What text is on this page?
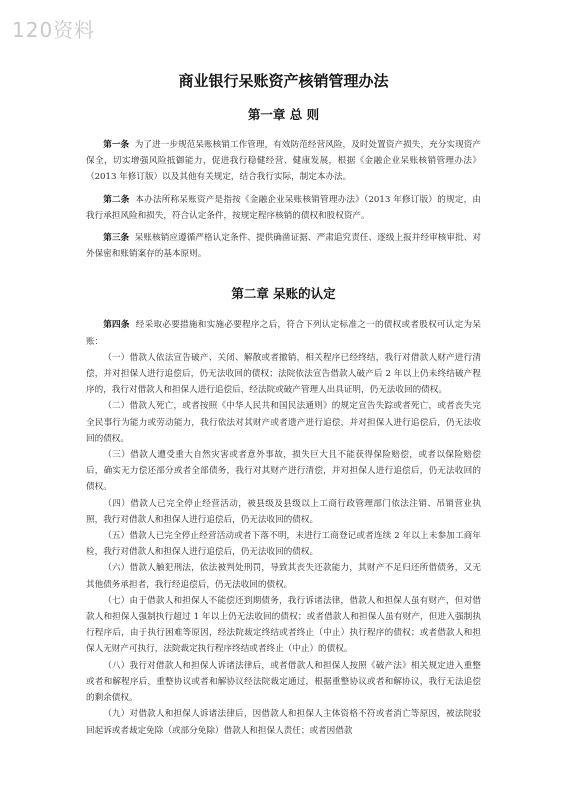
120资料
商业银行呆账资产核销管理办法
第一章 总 则

第一条 为了进一步规范呆账核销工作管理，有效防范经营风险，及时处置资产损失，充分实现资产保全，切实增强风险抵御能力，促进我行稳健经营、健康发展，根据《金融企业呆账核销管理办法》（2013 年修订版）以及其他有关规定，结合我行实际，制定本办法。

第二条 本办法所称呆账资产是指按《金融企业呆账核销管理办法》（2013 年修订版）的规定，由我行承担风险和损失，符合认定条件，按规定程序核销的债权和股权资产。

第三条 呆账核销应遵循严格认定条件、提供确凿证据、严肃追究责任、逐级上报并经审核审批、对外保密和账销案存的基本原则。

第二章 呆账的认定

第四条 经采取必要措施和实施必要程序之后，符合下列认定标准之一的债权或者股权可认定为呆账：

（一）借款人依法宣告破产、关闭、解散或者撤销，相关程序已经终结，我行对借款人财产进行清偿，并对担保人进行追偿后，仍无法收回的债权；法院依法宣告借款人破产后 2 年以上仍未终结破产程序的，我行对借款人和担保人进行追偿后，经法院或破产管理人出具证明，仍无法收回的债权。

（二）借款人死亡，或者按照《中华人民共和国民法通则》的规定宣告失踪或者死亡，或者丧失完全民事行为能力或劳动能力，我行依法对其财产或者遗产进行追偿，并对担保人进行追偿后，仍无法收回的债权。

（三）借款人遭受重大自然灾害或者意外事故，损失巨大且不能获得保险赔偿，或者以保险赔偿后，确实无力偿还部分或者全部债务，我行对其财产进行清偿，并对担保人进行追偿后，仍无法收回的债权。

（四）借款人已完全停止经营活动，被县级及县级以上工商行政管理部门依法注销、吊销营业执照，我行对借款人和担保人进行追偿后，仍无法收回的债权。

（五）借款人已完全停止经营活动或者下落不明，未进行工商登记或者连续 2 年以上未参加工商年检，我行对借款人和担保人进行追偿后，仍无法收回的债权。

（六）借款人触犯刑法，依法被判处刑罚，导致其丧失还款能力，其财产不足归还所借债务，又无其他债务承担者，我行经追偿后，仍无法收回的债权。

（七）由于借款人和担保人不能偿还到期债务，我行诉诸法律，借款人和担保人虽有财产，但对借款人和担保人强制执行超过 1 年以上仍无法收回的债权；或者借款人和担保人虽有财产，但进入强制执行程序后，由于执行困难等原因，经法院裁定终结或者终止（中止）执行程序的债权；或者借款人和担保人无财产可执行，法院裁定执行程序终结或者终止（中止）的债权。

（八）我行对借款人和担保人诉诸法律后，或者借款人和担保人按照《破产法》相关规定进入重整或者和解程序后，重整协议或者和解协议经法院裁定通过，根据重整协议或者和解协议，我行无法追偿的剩余债权。

（九）对借款人和担保人诉诸法律后，因借款人和担保人主体资格不符或者消亡等原因，被法院驳回起诉或者裁定免除（或部分免除）借款人和担保人责任；或者因借款
